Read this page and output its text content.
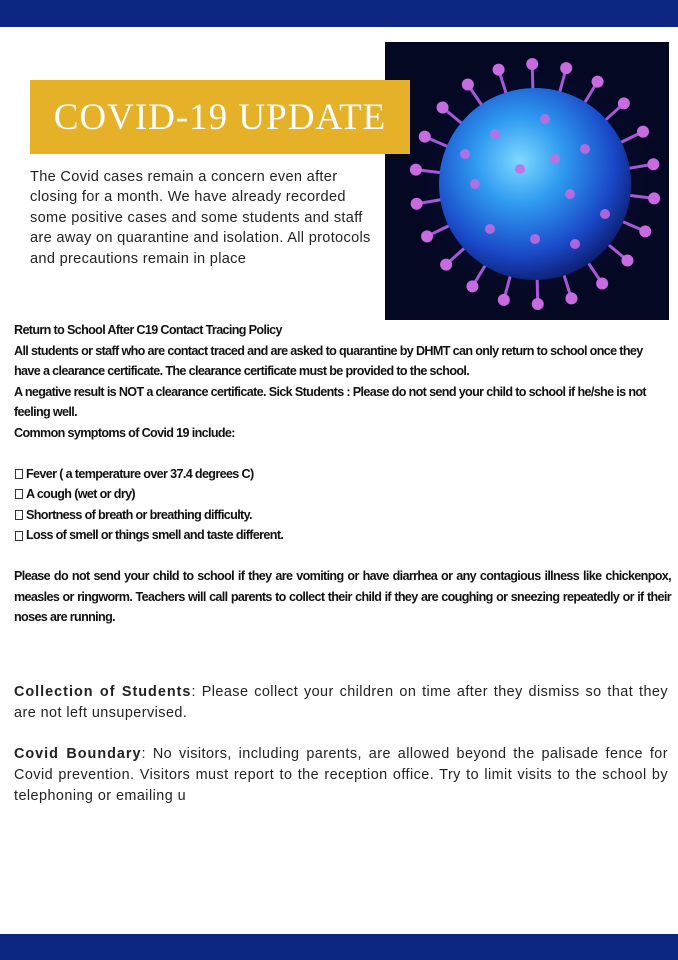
COVID-19 UPDATE

The Covid cases remain a concern even after closing for a month. We have already recorded some positive cases and some students and staff are away on quarantine and isolation. All protocols and precautions remain in place

Return to School After C19 Contact Tracing Policy

All students or staff who are contact traced and are asked to quarantine by DHMT can only return to school once they have a clearance certificate. The clearance certificate must be provided to the school.

A negative result is NOT a clearance certificate. Sick Students : Please do not send your child to school if he/she is not feeling well.

Common symptoms of Covid 19 include:

Fever ( a temperature over 37.4 degrees C)
A cough (wet or dry)
Shortness of breath or breathing difficulty.
Loss of smell or things smell and taste different.

Please do not send your child to school if they are vomiting or have diarrhea or any contagious illness like chickenpox, measles or ringworm. Teachers will call parents to collect their child if they are coughing or sneezing repeatedly or if their noses are running.

Collection of Students: Please collect your children on time after they dismiss so that they are not left unsupervised.

Covid Boundary: No visitors, including parents, are allowed beyond the palisade fence for Covid prevention. Visitors must report to the reception office. Try to limit visits to the school by telephoning or emailing u
